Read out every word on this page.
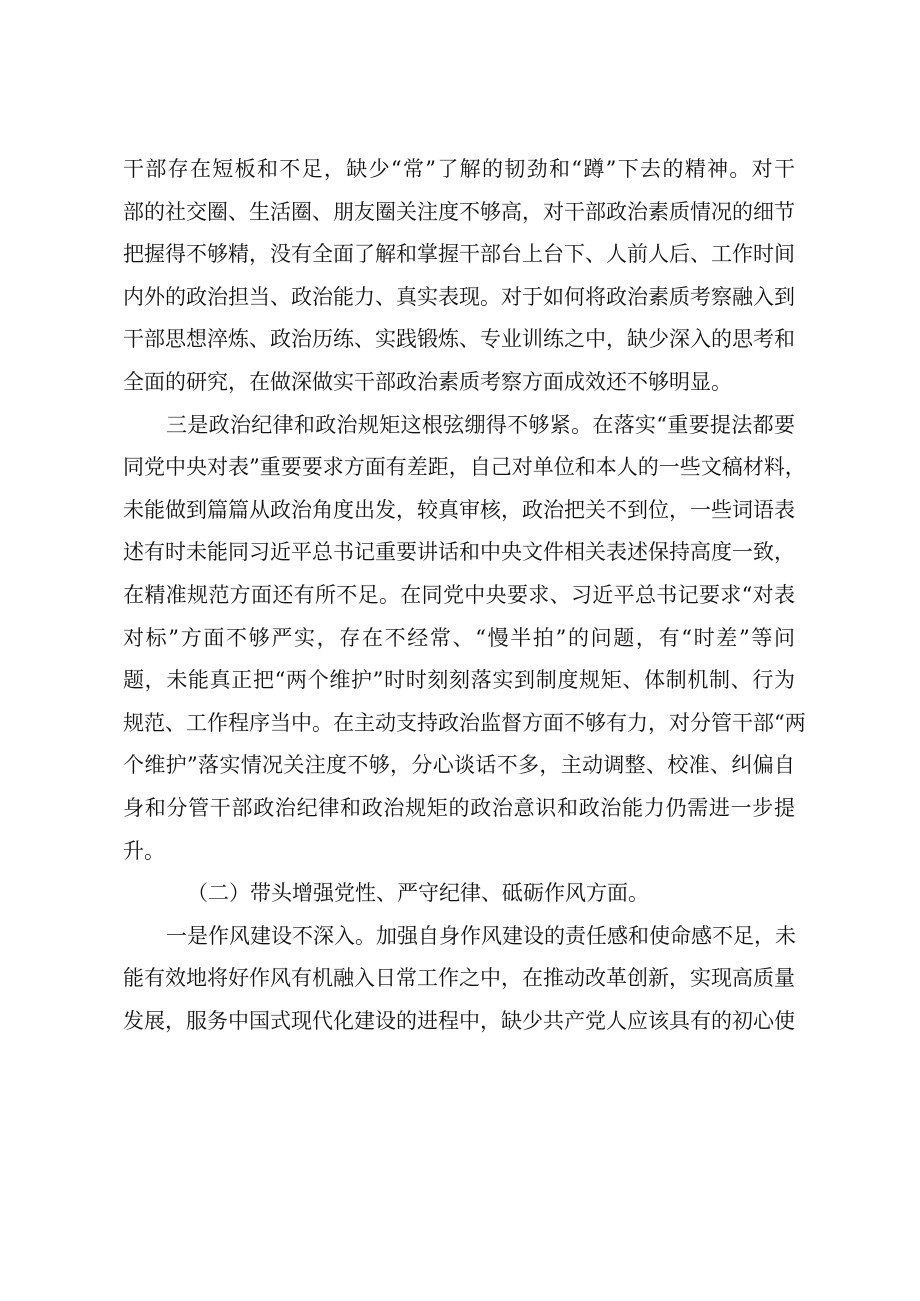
干部存在短板和不足，缺少“常”了解的韧劲和“蹲”下去的精神。对干
部的社交圈、生活圈、朋友圈关注度不够高，对干部政治素质情况的细节
把握得不够精，没有全面了解和掌握干部台上台下、人前人后、工作时间
内外的政治担当、政治能力、真实表现。对于如何将政治素质考察融入到
干部思想淬炼、政治历练、实践锻炼、专业训练之中，缺少深入的思考和
全面的研究，在做深做实干部政治素质考察方面成效还不够明显。
三是政治纪律和政治规矩这根弦绷得不够紧。在落实“重要提法都要
同党中央对表”重要要求方面有差距，自己对单位和本人的一些文稿材料，
未能做到篇篇从政治角度出发，较真审核，政治把关不到位，一些词语表
述有时未能同习近平总书记重要讲话和中央文件相关表述保持高度一致，
在精准规范方面还有所不足。在同党中央要求、习近平总书记要求“对表
对标”方面不够严实，存在不经常、“慢半拍”的问题，有“时差”等问
题，未能真正把“两个维护”时时刻刻落实到制度规矩、体制机制、行为
规范、工作程序当中。在主动支持政治监督方面不够有力，对分管干部“两
个维护”落实情况关注度不够，分心谈话不多，主动调整、校准、纠偏自
身和分管干部政治纪律和政治规矩的政治意识和政治能力仍需进一步提
升。
（二）带头增强党性、严守纪律、砥砺作风方面。
一是作风建设不深入。加强自身作风建设的责任感和使命感不足，未
能有效地将好作风有机融入日常工作之中，在推动改革创新，实现高质量
发展，服务中国式现代化建设的进程中，缺少共产党人应该具有的初心使
